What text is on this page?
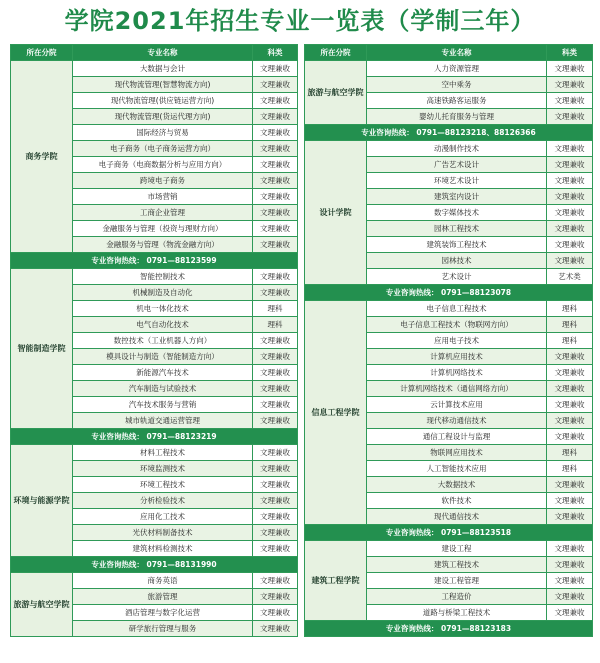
学院2021年招生专业一览表（学制三年）
所在分院	专业名称	科类
商务学院	大数据与会计	文理兼收
	现代物流管理(智慧物流方向)	文理兼收
	现代物流管理(供应链运营方向)	文理兼收
	现代物流管理(货运代理方向)	文理兼收
	国际经济与贸易	文理兼收
	电子商务（电子商务运营方向）	文理兼收
	电子商务（电商数据分析与应用方向）	文理兼收
	跨境电子商务	文理兼收
	市场营销	文理兼收
	工商企业管理	文理兼收
	金融服务与管理（投资与理财方向）	文理兼收
	金融服务与管理（物流金融方向）	文理兼收
专业咨询热线： 0791—88123599		
智能制造学院	智能控制技术	文理兼收
	机械制造及自动化	文理兼收
	机电一体化技术	理科
	电气自动化技术	理科
	数控技术（工业机器人方向）	文理兼收
	模具设计与制造（智能制造方向）	文理兼收
	新能源汽车技术	文理兼收
	汽车制造与试验技术	文理兼收
	汽车技术服务与营销	文理兼收
	城市轨道交通运营管理	文理兼收
专业咨询热线： 0791—88123219		
环境与能源学院	材料工程技术	文理兼收
	环境监测技术	文理兼收
	环境工程技术	文理兼收
	分析检验技术	文理兼收
	应用化工技术	文理兼收
	光伏材料制备技术	文理兼收
	建筑材料检测技术	文理兼收
专业咨询热线： 0791—88131990		
旅游与航空学院	商务英语	文理兼收
	旅游管理	文理兼收
	酒店管理与数字化运营	文理兼收
	研学旅行管理与服务	文理兼收
所在分院	专业名称	科类
旅游与航空学院	人力资源管理	文理兼收
	空中乘务	文理兼收
	高速铁路客运服务	文理兼收
	婴幼儿托育服务与管理	文理兼收
专业咨询热线： 0791—88123218、88126366		
设计学院	动漫制作技术	文理兼收
	广告艺术设计	文理兼收
	环境艺术设计	文理兼收
	建筑室内设计	文理兼收
	数字媒体技术	文理兼收
	园林工程技术	文理兼收
	建筑装饰工程技术	文理兼收
	园林技术	文理兼收
	艺术设计	艺术类
专业咨询热线： 0791—88123078		
信息工程学院	电子信息工程技术	理科
	电子信息工程技术（物联网方向）	理科
	应用电子技术	理科
	计算机应用技术	文理兼收
	计算机网络技术	文理兼收
	计算机网络技术（通信网络方向）	文理兼收
	云计算技术应用	文理兼收
	现代移动通信技术	文理兼收
	通信工程设计与监理	文理兼收
	物联网应用技术	理科
	人工智能技术应用	理科
	大数据技术	文理兼收
	软件技术	文理兼收
	现代通信技术	文理兼收
专业咨询热线： 0791—88123518		
建筑工程学院	建设工程	文理兼收
	建筑工程技术	文理兼收
	建设工程管理	文理兼收
	工程造价	文理兼收
	道路与桥梁工程技术	文理兼收
专业咨询热线： 0791—88123183		
